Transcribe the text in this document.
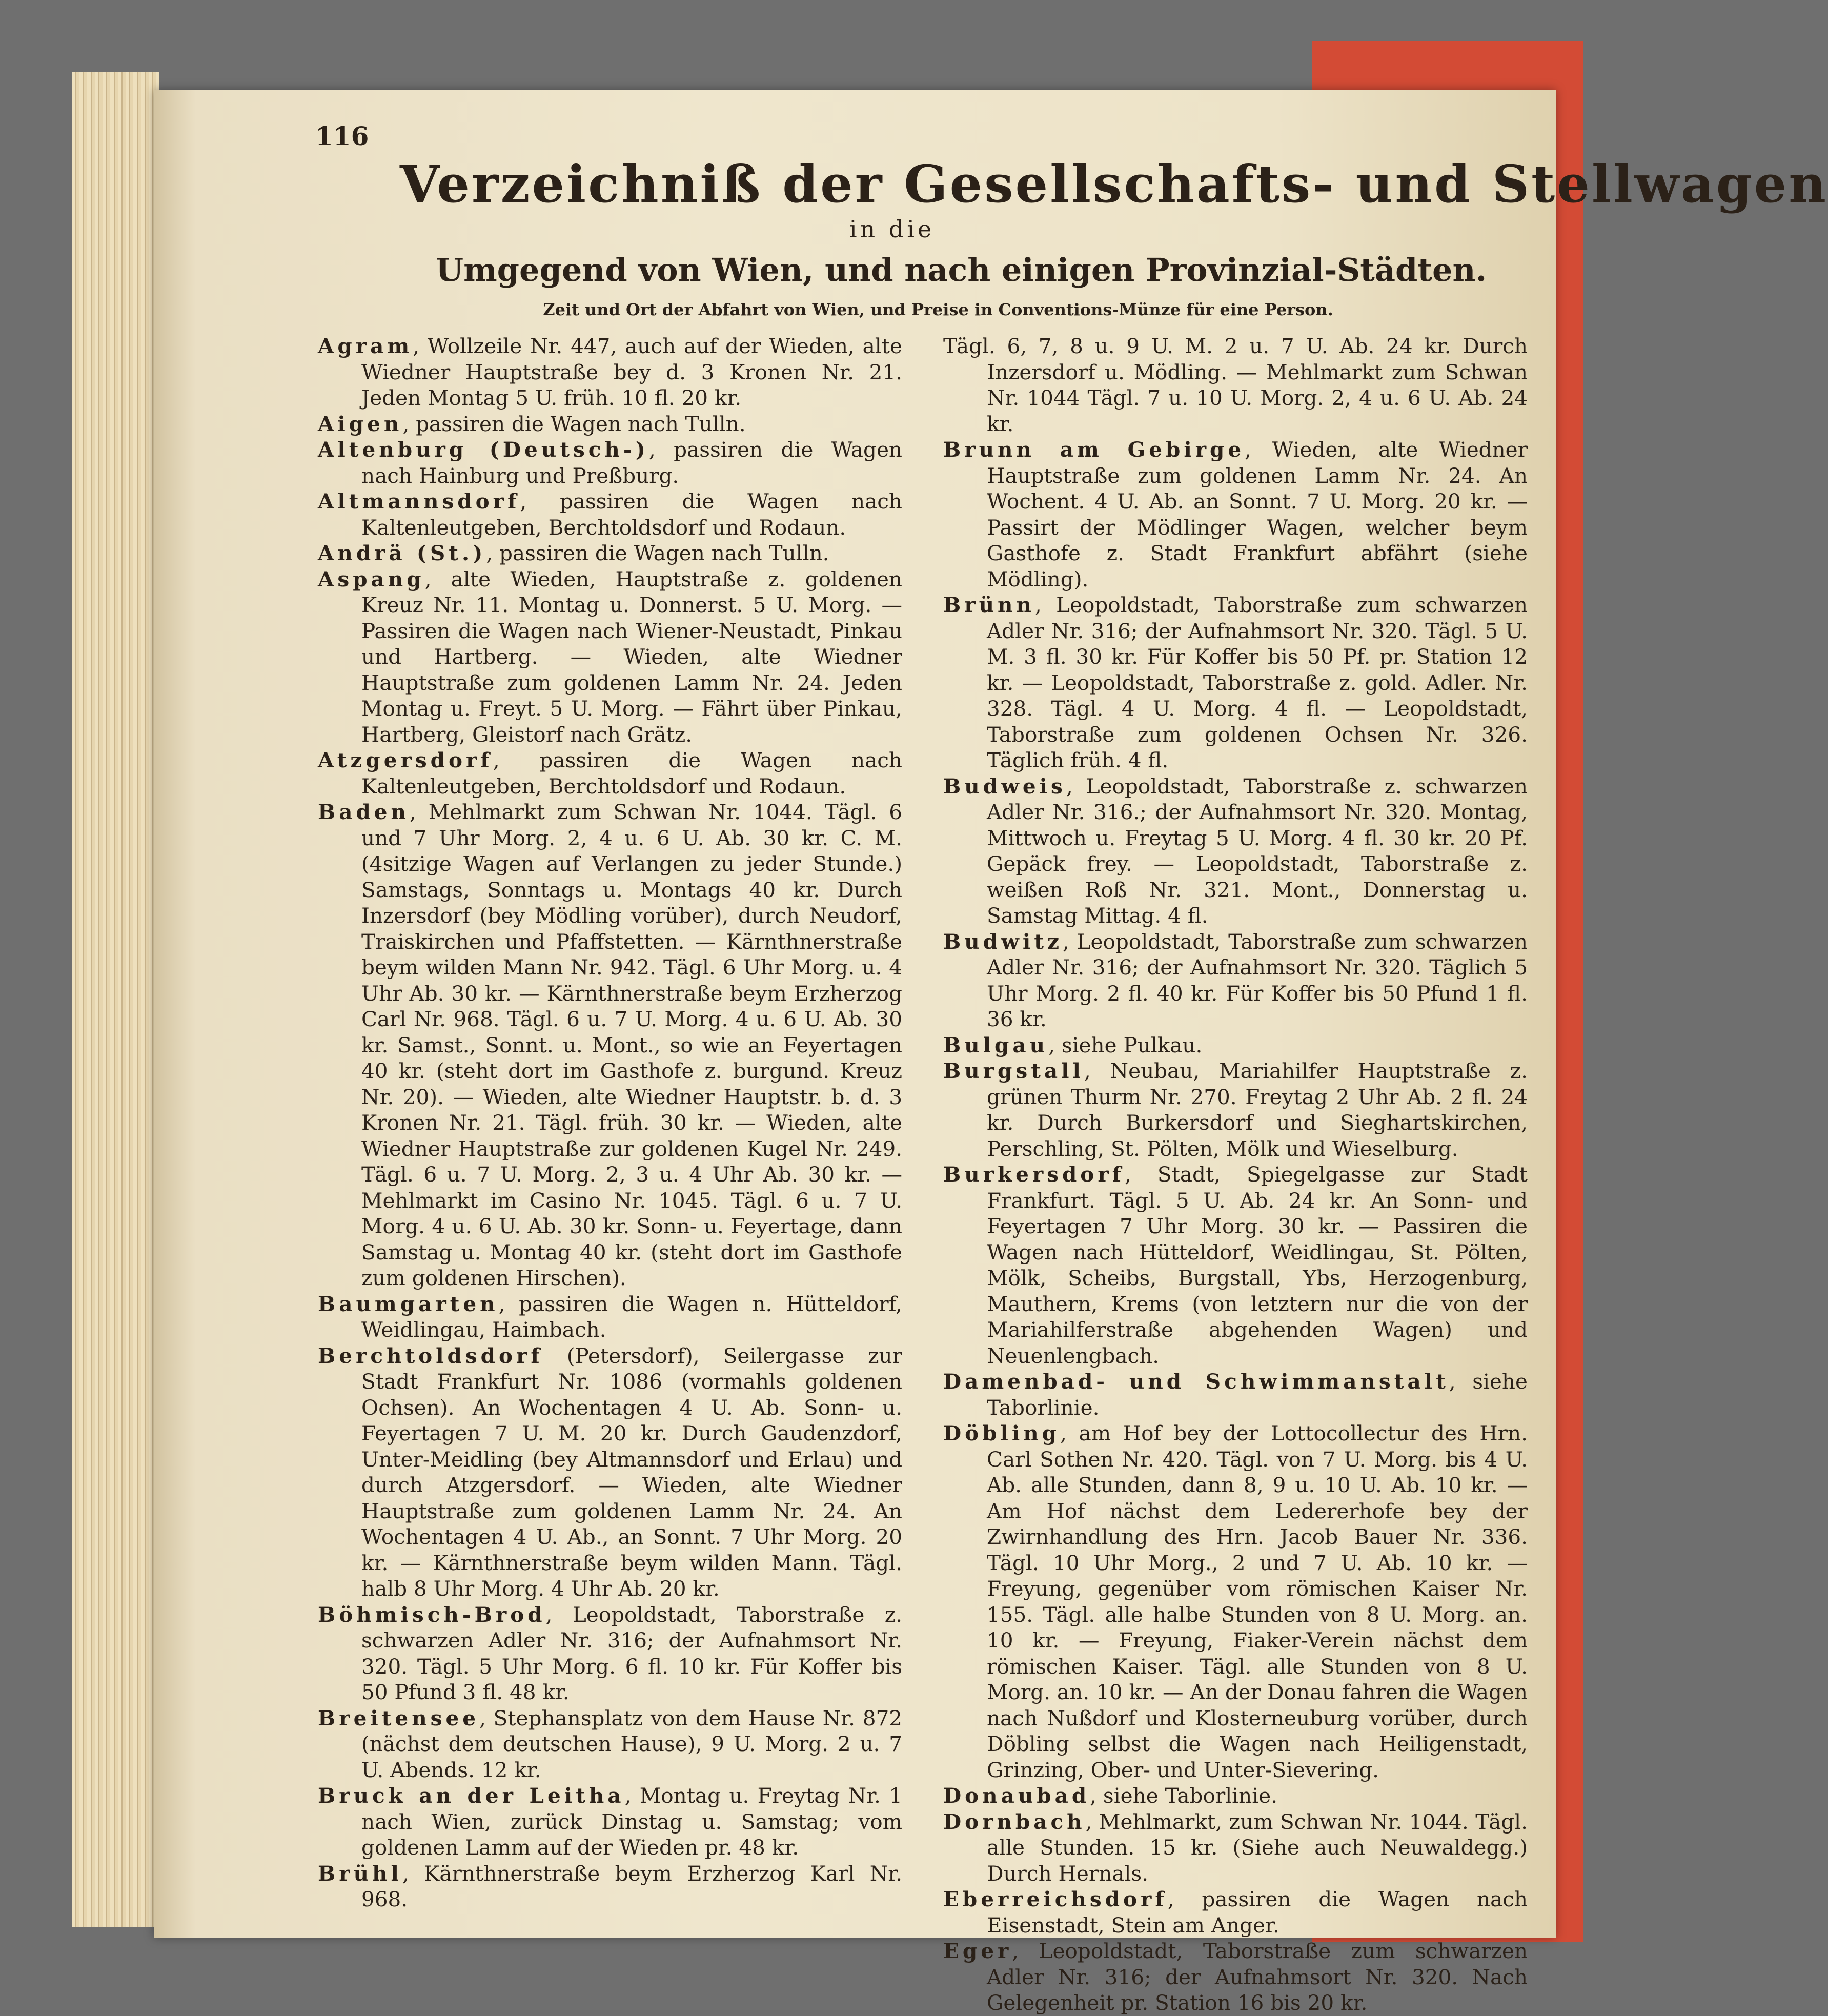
116
Verzeichniß der Gesellschafts- und Stellwagen
in die
Umgegend von Wien, und nach einigen Provinzial-Städten.
Zeit und Ort der Abfahrt von Wien, und Preise in Conventions-Münze für eine Person.
Agram, Wollzeile Nr. 447, auch auf der Wieden, alte Wiedner Hauptstraße bey d. 3 Kronen Nr. 21. Jeden Montag 5 U. früh. 10 fl. 20 kr.
Aigen, passiren die Wagen nach Tulln.
Altenburg (Deutsch-), passiren die Wagen nach Hainburg und Preßburg.
Altmannsdorf, passiren die Wagen nach Kaltenleutgeben, Berchtoldsdorf und Rodaun.
Andrä (St.), passiren die Wagen nach Tulln.
Aspang, alte Wieden, Hauptstraße z. goldenen Kreuz Nr. 11. Montag u. Donnerst. 5 U. Morg. — Passiren die Wagen nach Wiener-Neustadt, Pinkau und Hartberg. — Wieden, alte Wiedner Hauptstraße zum goldenen Lamm Nr. 24. Jeden Montag u. Freyt. 5 U. Morg. — Fährt über Pinkau, Hartberg, Gleistorf nach Grätz.
Atzgersdorf, passiren die Wagen nach Kaltenleutgeben, Berchtoldsdorf und Rodaun.
Baden, Mehlmarkt zum Schwan Nr. 1044. Tägl. 6 und 7 Uhr Morg. 2, 4 u. 6 U. Ab. 30 kr. C. M. (4sitzige Wagen auf Verlangen zu jeder Stunde.) Samstags, Sonntags u. Montags 40 kr. Durch Inzersdorf (bey Mödling vorüber), durch Neudorf, Traiskirchen und Pfaffstetten. — Kärnthnerstraße beym wilden Mann Nr. 942. Tägl. 6 Uhr Morg. u. 4 Uhr Ab. 30 kr. — Kärnthnerstraße beym Erzherzog Carl Nr. 968. Tägl. 6 u. 7 U. Morg. 4 u. 6 U. Ab. 30 kr. Samst., Sonnt. u. Mont., so wie an Feyertagen 40 kr. (steht dort im Gasthofe z. burgund. Kreuz Nr. 20). — Wieden, alte Wiedner Hauptstr. b. d. 3 Kronen Nr. 21. Tägl. früh. 30 kr. — Wieden, alte Wiedner Hauptstraße zur goldenen Kugel Nr. 249. Tägl. 6 u. 7 U. Morg. 2, 3 u. 4 Uhr Ab. 30 kr. — Mehlmarkt im Casino Nr. 1045. Tägl. 6 u. 7 U. Morg. 4 u. 6 U. Ab. 30 kr. Sonn- u. Feyertage, dann Samstag u. Montag 40 kr. (steht dort im Gasthofe zum goldenen Hirschen).
Baumgarten, passiren die Wagen n. Hütteldorf, Weidlingau, Haimbach.
Berchtoldsdorf (Petersdorf), Seilergasse zur Stadt Frankfurt Nr. 1086 (vormahls goldenen Ochsen). An Wochentagen 4 U. Ab. Sonn- u. Feyertagen 7 U. M. 20 kr. Durch Gaudenzdorf, Unter-Meidling (bey Altmannsdorf und Erlau) und durch Atzgersdorf. — Wieden, alte Wiedner Hauptstraße zum goldenen Lamm Nr. 24. An Wochentagen 4 U. Ab., an Sonnt. 7 Uhr Morg. 20 kr. — Kärnthnerstraße beym wilden Mann. Tägl. halb 8 Uhr Morg. 4 Uhr Ab. 20 kr.
Böhmisch-Brod, Leopoldstadt, Taborstraße z. schwarzen Adler Nr. 316; der Aufnahmsort Nr. 320. Tägl. 5 Uhr Morg. 6 fl. 10 kr. Für Koffer bis 50 Pfund 3 fl. 48 kr.
Breitensee, Stephansplatz von dem Hause Nr. 872 (nächst dem deutschen Hause), 9 U. Morg. 2 u. 7 U. Abends. 12 kr.
Bruck an der Leitha, Montag u. Freytag Nr. 1 nach Wien, zurück Dinstag u. Samstag; vom goldenen Lamm auf der Wieden pr. 48 kr.
Brühl, Kärnthnerstraße beym Erzherzog Karl Nr. 968.
Tägl. 6, 7, 8 u. 9 U. M. 2 u. 7 U. Ab. 24 kr. Durch Inzersdorf u. Mödling. — Mehlmarkt zum Schwan Nr. 1044 Tägl. 7 u. 10 U. Morg. 2, 4 u. 6 U. Ab. 24 kr.
Brunn am Gebirge, Wieden, alte Wiedner Hauptstraße zum goldenen Lamm Nr. 24. An Wochent. 4 U. Ab. an Sonnt. 7 U. Morg. 20 kr. — Passirt der Mödlinger Wagen, welcher beym Gasthofe z. Stadt Frankfurt abfährt (siehe Mödling).
Brünn, Leopoldstadt, Taborstraße zum schwarzen Adler Nr. 316; der Aufnahmsort Nr. 320. Tägl. 5 U. M. 3 fl. 30 kr. Für Koffer bis 50 Pf. pr. Station 12 kr. — Leopoldstadt, Taborstraße z. gold. Adler. Nr. 328. Tägl. 4 U. Morg. 4 fl. — Leopoldstadt, Taborstraße zum goldenen Ochsen Nr. 326. Täglich früh. 4 fl.
Budweis, Leopoldstadt, Taborstraße z. schwarzen Adler Nr. 316.; der Aufnahmsort Nr. 320. Montag, Mittwoch u. Freytag 5 U. Morg. 4 fl. 30 kr. 20 Pf. Gepäck frey. — Leopoldstadt, Taborstraße z. weißen Roß Nr. 321. Mont., Donnerstag u. Samstag Mittag. 4 fl.
Budwitz, Leopoldstadt, Taborstraße zum schwarzen Adler Nr. 316; der Aufnahmsort Nr. 320. Täglich 5 Uhr Morg. 2 fl. 40 kr. Für Koffer bis 50 Pfund 1 fl. 36 kr.
Bulgau, siehe Pulkau.
Burgstall, Neubau, Mariahilfer Hauptstraße z. grünen Thurm Nr. 270. Freytag 2 Uhr Ab. 2 fl. 24 kr. Durch Burkersdorf und Sieghartskirchen, Perschling, St. Pölten, Mölk und Wieselburg.
Burkersdorf, Stadt, Spiegelgasse zur Stadt Frankfurt. Tägl. 5 U. Ab. 24 kr. An Sonn- und Feyertagen 7 Uhr Morg. 30 kr. — Passiren die Wagen nach Hütteldorf, Weidlingau, St. Pölten, Mölk, Scheibs, Burgstall, Ybs, Herzogenburg, Mauthern, Krems (von letztern nur die von der Mariahilferstraße abgehenden Wagen) und Neuenlengbach.
Damenbad- und Schwimmanstalt, siehe Taborlinie.
Döbling, am Hof bey der Lottocollectur des Hrn. Carl Sothen Nr. 420. Tägl. von 7 U. Morg. bis 4 U. Ab. alle Stunden, dann 8, 9 u. 10 U. Ab. 10 kr. — Am Hof nächst dem Ledererhofe bey der Zwirnhandlung des Hrn. Jacob Bauer Nr. 336. Tägl. 10 Uhr Morg., 2 und 7 U. Ab. 10 kr. — Freyung, gegenüber vom römischen Kaiser Nr. 155. Tägl. alle halbe Stunden von 8 U. Morg. an. 10 kr. — Freyung, Fiaker-Verein nächst dem römischen Kaiser. Tägl. alle Stunden von 8 U. Morg. an. 10 kr. — An der Donau fahren die Wagen nach Nußdorf und Klosterneuburg vorüber, durch Döbling selbst die Wagen nach Heiligenstadt, Grinzing, Ober- und Unter-Sievering.
Donaubad, siehe Taborlinie.
Dornbach, Mehlmarkt, zum Schwan Nr. 1044. Tägl. alle Stunden. 15 kr. (Siehe auch Neuwaldegg.) Durch Hernals.
Eberreichsdorf, passiren die Wagen nach Eisenstadt, Stein am Anger.
Eger, Leopoldstadt, Taborstraße zum schwarzen Adler Nr. 316; der Aufnahmsort Nr. 320. Nach Gelegenheit pr. Station 16 bis 20 kr.
